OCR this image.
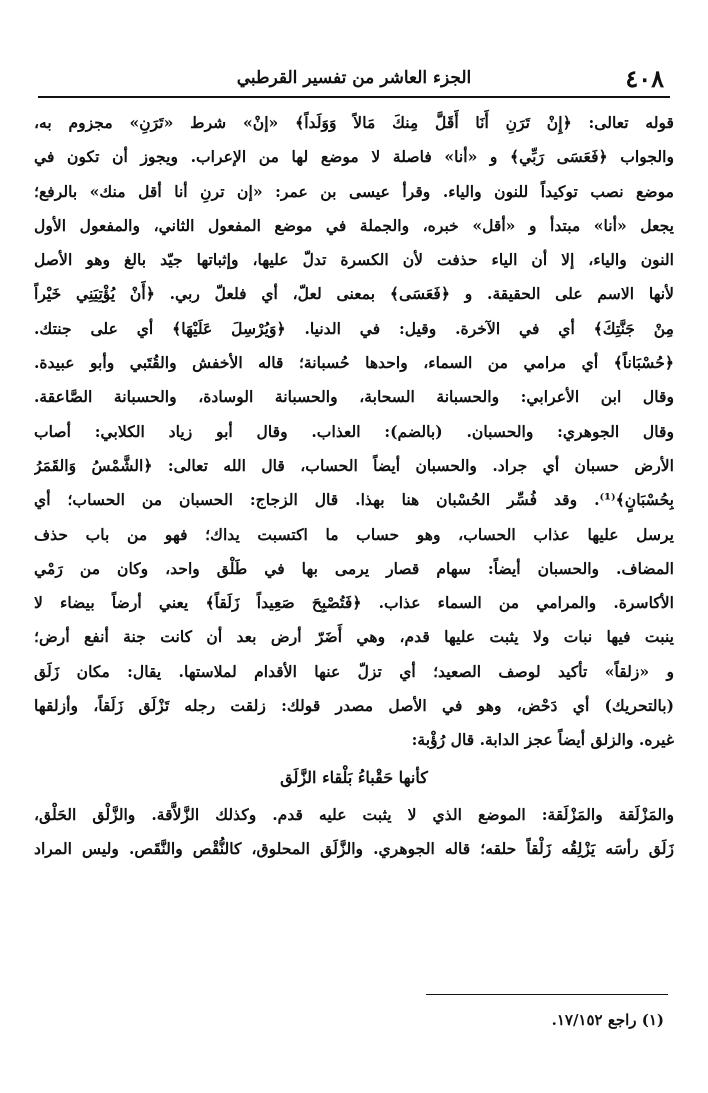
٤٠٨
الجزء العاشر من تفسير القرطبي
قوله تعالى: ﴿إِنْ تَرَنِ أَنَا أَقَلَّ مِنكَ مَالاً وَوَلَداً﴾ «إنْ» شرط «تَرَنِ» مجزوم به،
والجواب ﴿فَعَسَى رَبِّي﴾ و «أنا» فاصلة لا موضع لها من الإعراب. ويجوز أن تكون في
موضع نصب توكيداً للنون والياء. وقرأ عيسى بن عمر: «إن ترنِ أنا أقل منك» بالرفع؛
يجعل «أنا» مبتدأ و «أقل» خبره، والجملة في موضع المفعول الثاني، والمفعول الأول
النون والياء، إلا أن الياء حذفت لأن الكسرة تدلّ عليها، وإثباتها جيّد بالغ وهو الأصل
لأنها الاسم على الحقيقة. و ﴿فَعَسَى﴾ بمعنى لعلّ، أي فلعلّ ربي. ﴿أَنْ يُؤْتِيَنِي خَيْراً
مِنْ جَنَّتِكَ﴾ أي في الآخرة. وقيل: في الدنيا. ﴿وَيُرْسِلَ عَلَيْهَا﴾ أي على جنتك.
﴿حُسْبَاناً﴾ أي مرامي من السماء، واحدها حُسبانة؛ قاله الأخفش والقُتَبي وأبو عبيدة.
وقال ابن الأعرابي: والحسبانة السحابة، والحسبانة الوسادة، والحسبانة الصَّاعقة.
وقال الجوهري: والحسبان. (بالضم): العذاب. وقال أبو زياد الكلابي: أصاب
الأرض حسبان أي جراد. والحسبان أيضاً الحساب، قال الله تعالى: ﴿الشَّمْسُ وَالقَمَرُ
بِحُسْبَانٍ﴾⁽¹⁾. وقد فُسِّر الحُسْبان هنا بهذا. قال الزجاج: الحسبان من الحساب؛ أي
يرسل عليها عذاب الحساب، وهو حساب ما اكتسبت يداك؛ فهو من باب حذف
المضاف. والحسبان أيضاً: سهام قصار يرمى بها في طَلْق واحد، وكان من رَمْي
الأكاسرة. والمرامي من السماء عذاب. ﴿فَتُصْبِحَ صَعِيداً زَلَقاً﴾ يعني أرضاً بيضاء لا
ينبت فيها نبات ولا يثبت عليها قدم، وهي أَضَرّ أرض بعد أن كانت جنة أنفع أرض؛
و «زلقاً» تأكيد لوصف الصعيد؛ أي تزلّ عنها الأقدام لملاستها. يقال: مكان زَلَق
(بالتحريك) أي دَحْض، وهو في الأصل مصدر قولك: زلقت رجله تَزْلَق زَلَقاً، وأزلقها
غيره. والزلق أيضاً عجز الدابة. قال رُؤْبة:
كأنها حَقْباءُ بَلْقاء الزَّلَق
والمَزْلَقة والمَزْلَقة: الموضع الذي لا يثبت عليه قدم. وكذلك الزَّلاَّقة. والزَّلْق الحَلْق،
زَلَق رأسَه يَزْلِقُه زَلْقاً حلقه؛ قاله الجوهري. والزَّلَق المحلوق، كالنُّقْص والنَّقَص. وليس المراد
(١) راجع ١٧/١٥٢.
